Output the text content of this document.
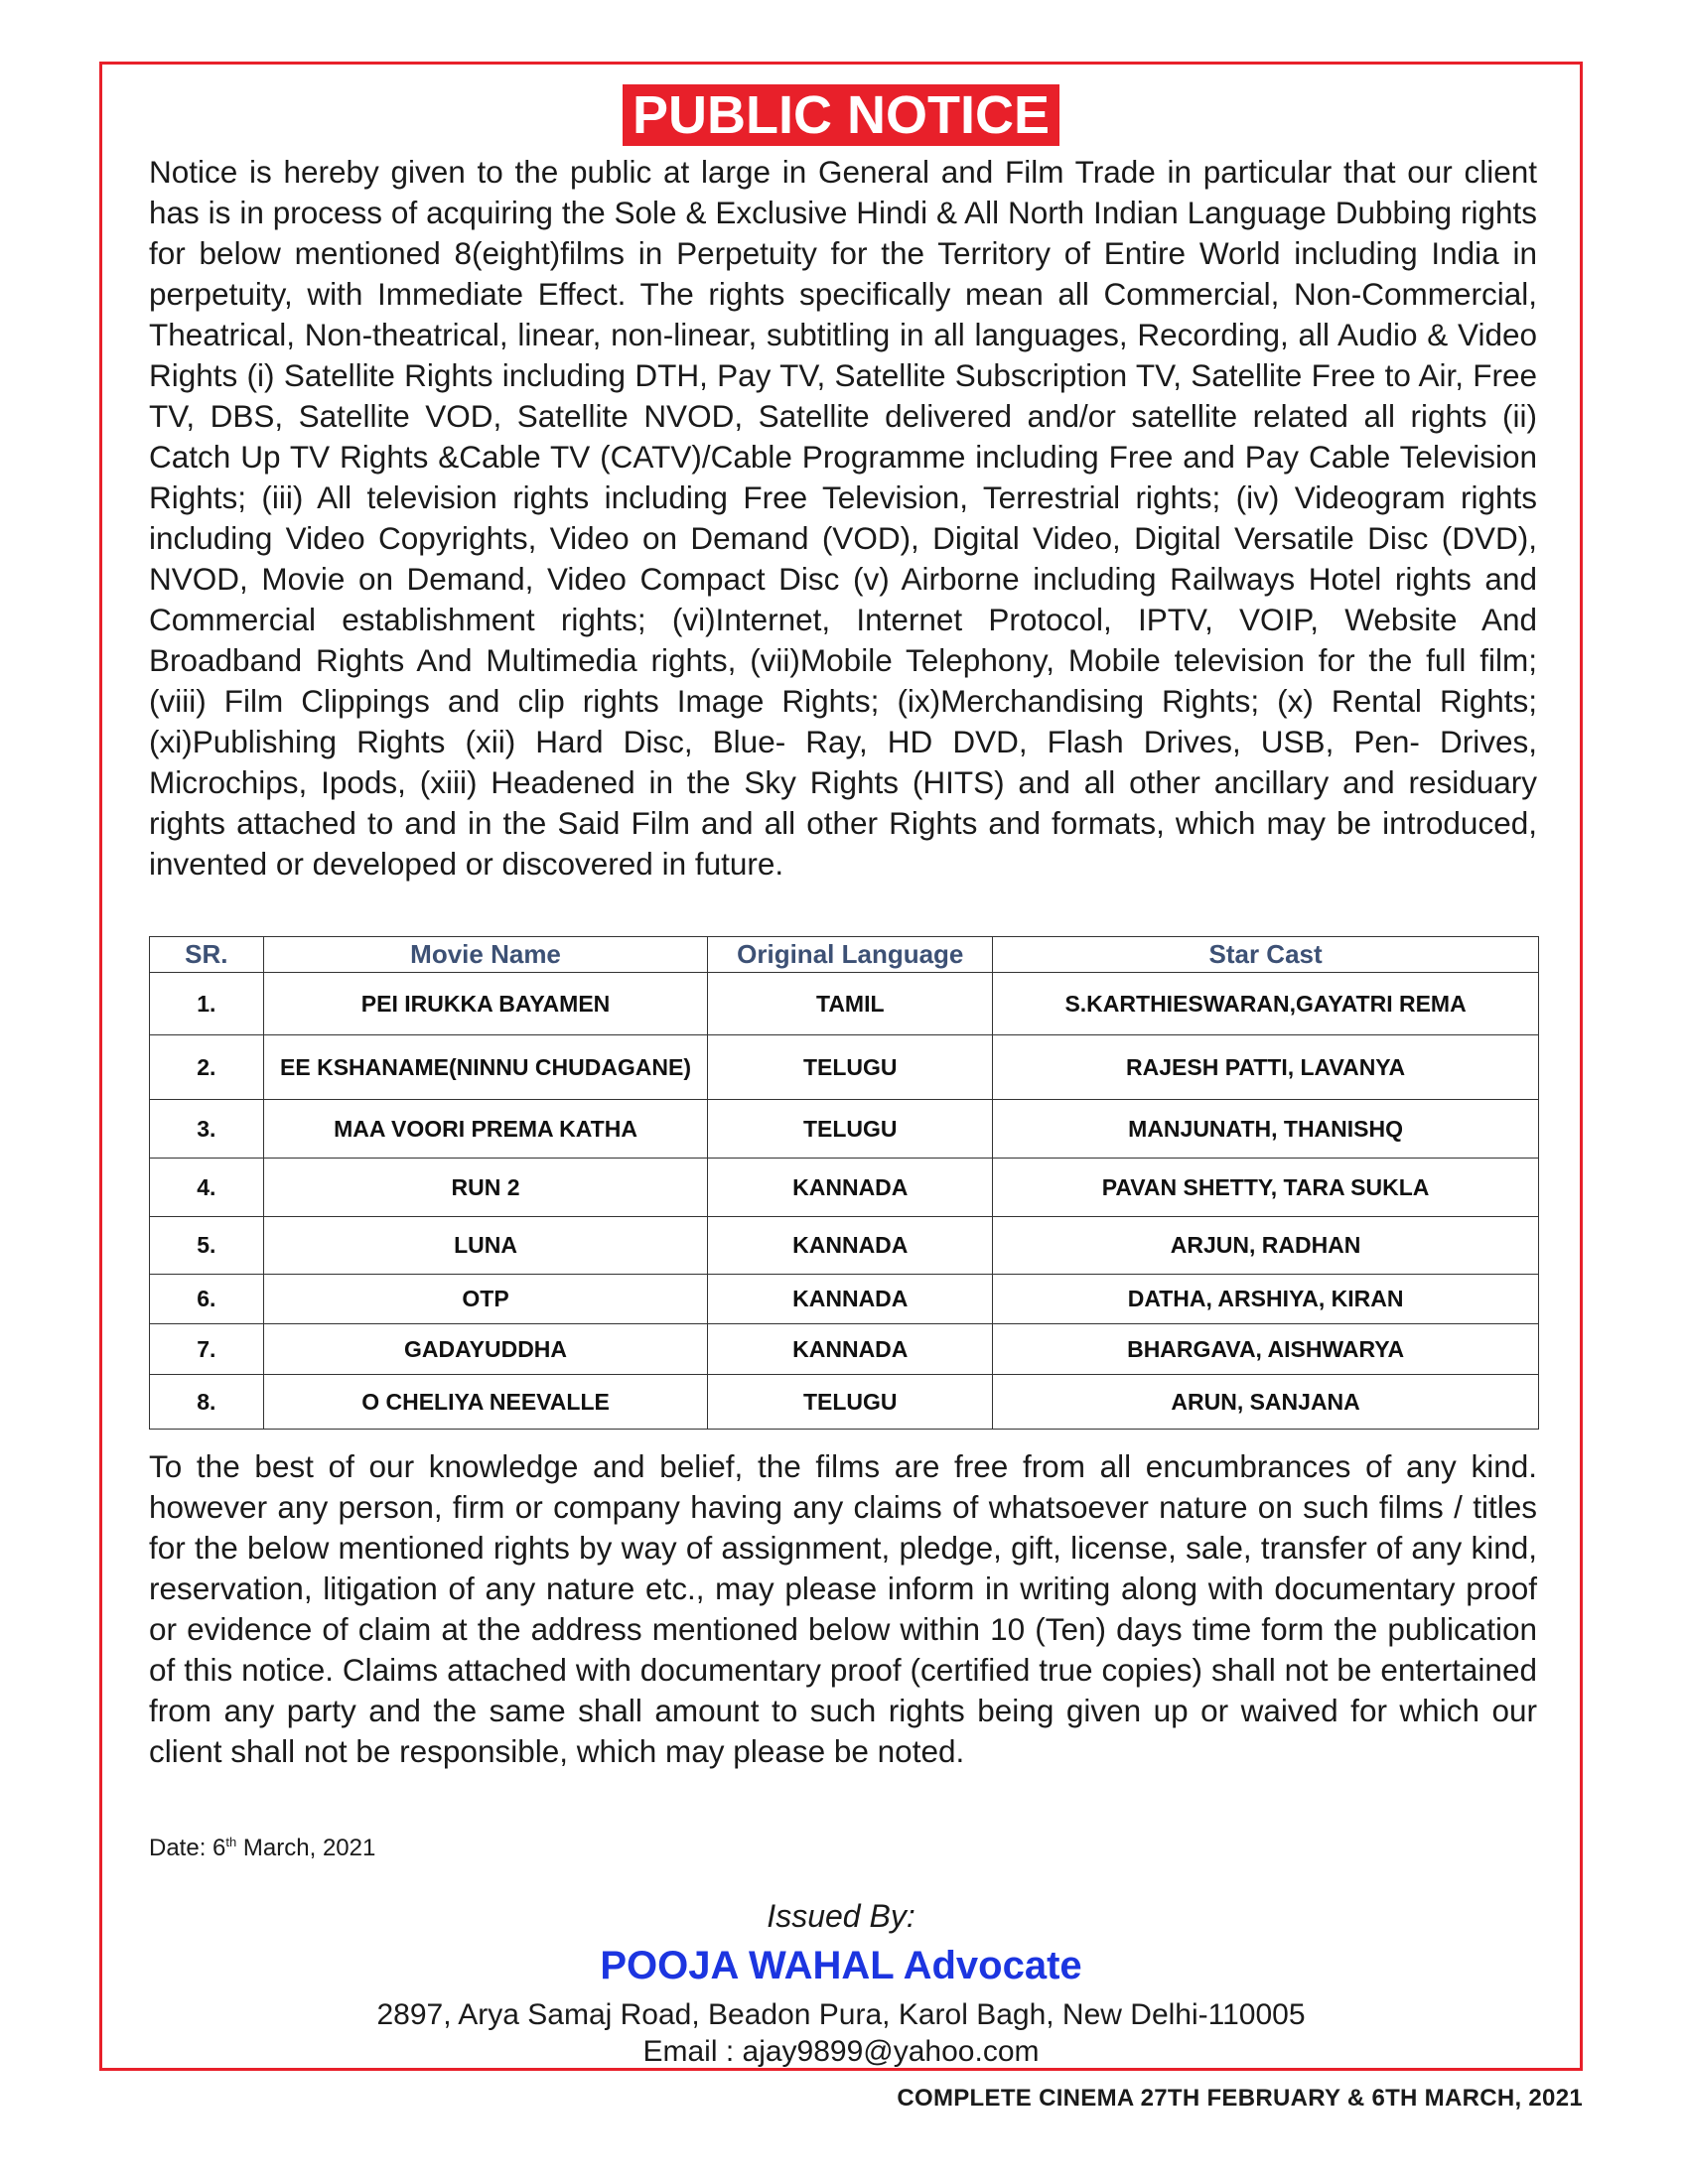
PUBLIC NOTICE

Notice is hereby given to the public at large in General and Film Trade in particular that our client has is in process of acquiring the Sole & Exclusive Hindi & All North Indian Language Dubbing rights for below mentioned 8(eight)films in Perpetuity for the Territory of Entire World including India in perpetuity, with Immediate Effect. The rights specifically mean all Commercial, Non-Commercial, Theatrical, Non-theatrical, linear, non-linear, subtitling in all languages, Recording, all Audio & Video Rights (i) Satellite Rights including DTH, Pay TV, Satellite Subscription TV, Satellite Free to Air, Free TV, DBS, Satellite VOD, Satellite NVOD, Satellite delivered and/or satellite related all rights (ii) Catch Up TV Rights &Cable TV (CATV)/Cable Programme including Free and Pay Cable Television Rights; (iii) All television rights including Free Television, Terrestrial rights; (iv) Videogram rights including Video Copyrights, Video on Demand (VOD), Digital Video, Digital Versatile Disc (DVD), NVOD, Movie on Demand, Video Compact Disc (v) Airborne including Railways Hotel rights and Commercial establishment rights; (vi)Internet, Internet Protocol, IPTV, VOIP, Website And Broadband Rights And Multimedia rights, (vii)Mobile Telephony, Mobile television for the full film; (viii) Film Clippings and clip rights Image Rights; (ix)Merchandising Rights; (x) Rental Rights; (xi)Publishing Rights (xii) Hard Disc, Blue- Ray, HD DVD, Flash Drives, USB, Pen- Drives, Microchips, Ipods, (xiii) Headened in the Sky Rights (HITS) and all other ancillary and residuary rights attached to and in the Said Film and all other Rights and formats, which may be introduced, invented or developed or discovered in future.

SR.	Movie Name	Original Language	Star Cast
1.	PEI IRUKKA BAYAMEN	TAMIL	S.KARTHIESWARAN,GAYATRI REMA
2.	EE KSHANAME(NINNU CHUDAGANE)	TELUGU	RAJESH PATTI, LAVANYA
3.	MAA VOORI PREMA KATHA	TELUGU	MANJUNATH, THANISHQ
4.	RUN 2	KANNADA	PAVAN SHETTY, TARA SUKLA
5.	LUNA	KANNADA	ARJUN, RADHAN
6.	OTP	KANNADA	DATHA, ARSHIYA, KIRAN
7.	GADAYUDDHA	KANNADA	BHARGAVA, AISHWARYA
8.	O CHELIYA NEEVALLE	TELUGU	ARUN, SANJANA

To the best of our knowledge and belief, the films are free from all encumbrances of any kind. however any person, firm or company having any claims of whatsoever nature on such films / titles for the below mentioned rights by way of assignment, pledge, gift, license, sale, transfer of any kind, reservation, litigation of any nature etc., may please inform in writing along with documentary proof or evidence of claim at the address mentioned below within 10 (Ten) days time form the publication of this notice. Claims attached with documentary proof (certified true copies) shall not be entertained from any party and the same shall amount to such rights being given up or waived for which our client shall not be responsible, which may please be noted.

Date: 6th March, 2021
Issued By:
POOJA WAHAL Advocate
2897, Arya Samaj Road, Beadon Pura, Karol Bagh, New Delhi-110005
Email : ajay9899@yahoo.com
COMPLETE CINEMA 27TH FEBRUARY & 6TH MARCH, 2021
